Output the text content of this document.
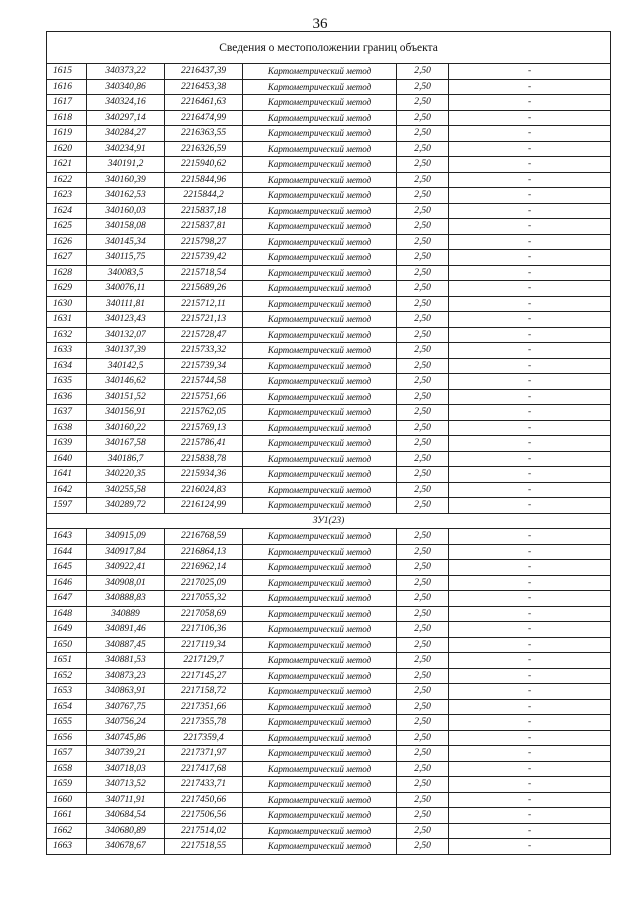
36
Сведения о местоположении границ объекта					
1615	340373,22	2216437,39	Картометрический метод	2,50	-
1616	340340,86	2216453,38	Картометрический метод	2,50	-
1617	340324,16	2216461,63	Картометрический метод	2,50	-
1618	340297,14	2216474,99	Картометрический метод	2,50	-
1619	340284,27	2216363,55	Картометрический метод	2,50	-
1620	340234,91	2216326,59	Картометрический метод	2,50	-
1621	340191,2	2215940,62	Картометрический метод	2,50	-
1622	340160,39	2215844,96	Картометрический метод	2,50	-
1623	340162,53	2215844,2	Картометрический метод	2,50	-
1624	340160,03	2215837,18	Картометрический метод	2,50	-
1625	340158,08	2215837,81	Картометрический метод	2,50	-
1626	340145,34	2215798,27	Картометрический метод	2,50	-
1627	340115,75	2215739,42	Картометрический метод	2,50	-
1628	340083,5	2215718,54	Картометрический метод	2,50	-
1629	340076,11	2215689,26	Картометрический метод	2,50	-
1630	340111,81	2215712,11	Картометрический метод	2,50	-
1631	340123,43	2215721,13	Картометрический метод	2,50	-
1632	340132,07	2215728,47	Картометрический метод	2,50	-
1633	340137,39	2215733,32	Картометрический метод	2,50	-
1634	340142,5	2215739,34	Картометрический метод	2,50	-
1635	340146,62	2215744,58	Картометрический метод	2,50	-
1636	340151,52	2215751,66	Картометрический метод	2,50	-
1637	340156,91	2215762,05	Картометрический метод	2,50	-
1638	340160,22	2215769,13	Картометрический метод	2,50	-
1639	340167,58	2215786,41	Картометрический метод	2,50	-
1640	340186,7	2215838,78	Картометрический метод	2,50	-
1641	340220,35	2215934,36	Картометрический метод	2,50	-
1642	340255,58	2216024,83	Картометрический метод	2,50	-
1597	340289,72	2216124,99	Картометрический метод	2,50	-
ЗУ1(23)					
1643	340915,09	2216768,59	Картометрический метод	2,50	-
1644	340917,84	2216864,13	Картометрический метод	2,50	-
1645	340922,41	2216962,14	Картометрический метод	2,50	-
1646	340908,01	2217025,09	Картометрический метод	2,50	-
1647	340888,83	2217055,32	Картометрический метод	2,50	-
1648	340889	2217058,69	Картометрический метод	2,50	-
1649	340891,46	2217106,36	Картометрический метод	2,50	-
1650	340887,45	2217119,34	Картометрический метод	2,50	-
1651	340881,53	2217129,7	Картометрический метод	2,50	-
1652	340873,23	2217145,27	Картометрический метод	2,50	-
1653	340863,91	2217158,72	Картометрический метод	2,50	-
1654	340767,75	2217351,66	Картометрический метод	2,50	-
1655	340756,24	2217355,78	Картометрический метод	2,50	-
1656	340745,86	2217359,4	Картометрический метод	2,50	-
1657	340739,21	2217371,97	Картометрический метод	2,50	-
1658	340718,03	2217417,68	Картометрический метод	2,50	-
1659	340713,52	2217433,71	Картометрический метод	2,50	-
1660	340711,91	2217450,66	Картометрический метод	2,50	-
1661	340684,54	2217506,56	Картометрический метод	2,50	-
1662	340680,89	2217514,02	Картометрический метод	2,50	-
1663	340678,67	2217518,55	Картометрический метод	2,50	-
